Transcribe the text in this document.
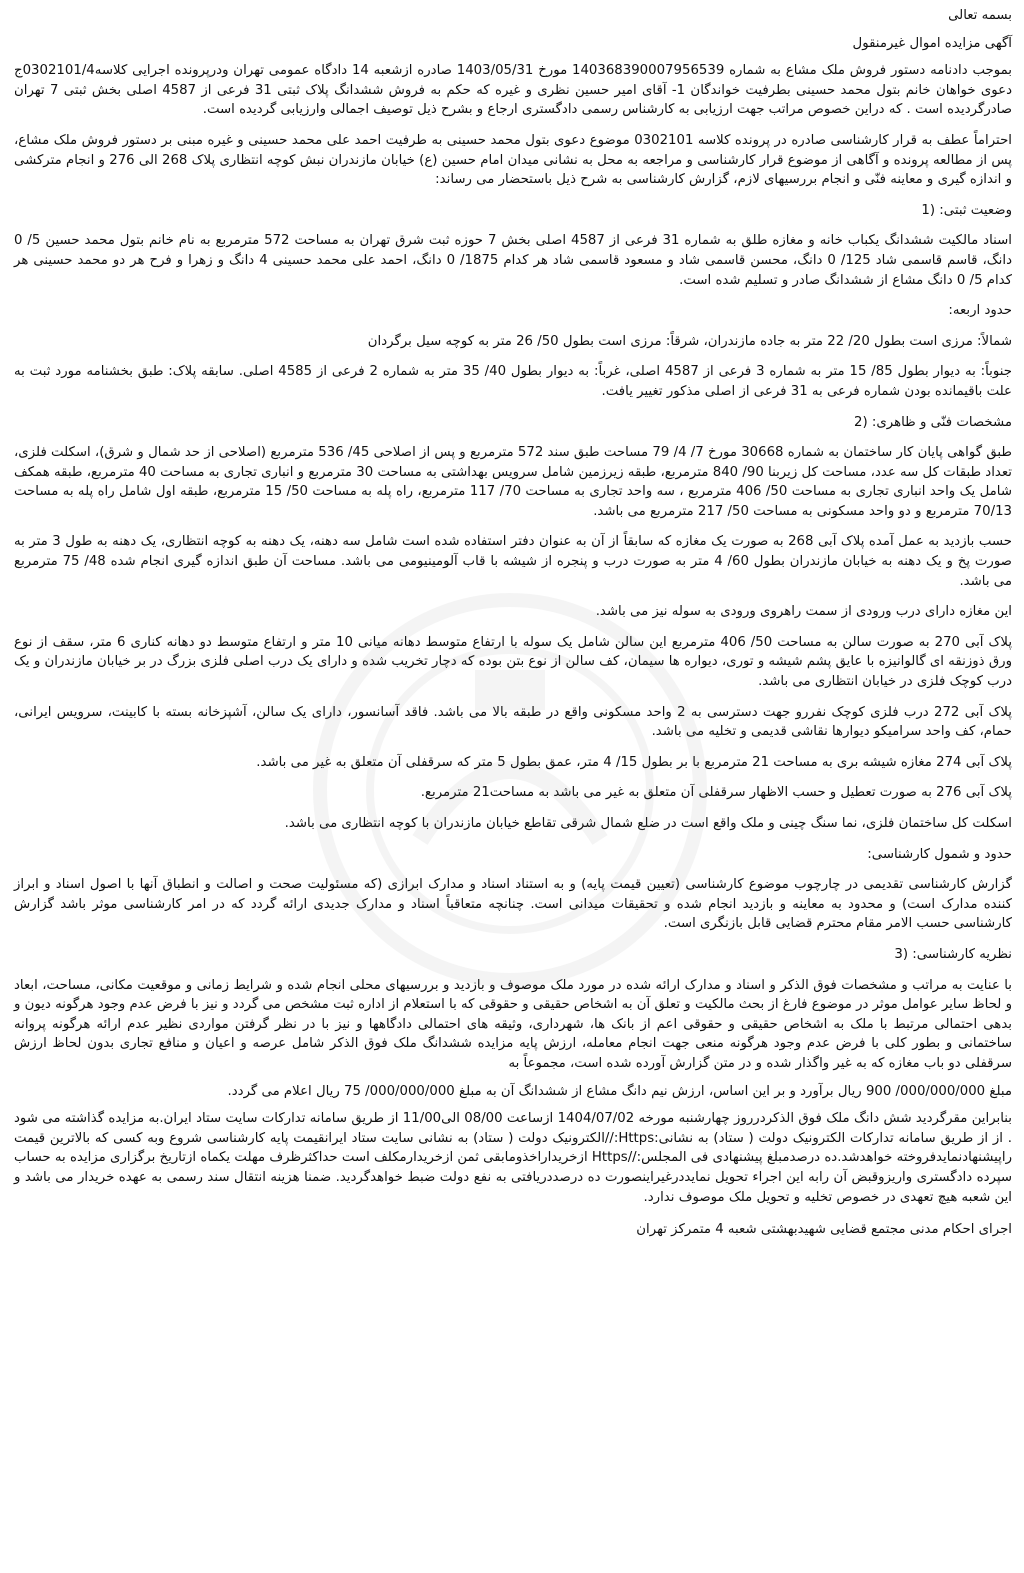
بسمه تعالی

آگهی مزایده اموال غیرمنقول

بموجب دادنامه دستور فروش ملک مشاع به شماره 140368390007956539 مورخ 1403/05/31 صادره ازشعبه 14 دادگاه عمومی تهران ودرپرونده اجرایی کلاسه0302101/4ج دعوی خواهان خانم بتول محمد حسینی بطرفیت خواندگان 1- آقای امیر حسین نظری و غیره که حکم به فروش ششدانگ پلاک ثبتی 31 فرعی از 4587 اصلی بخش ثبتی 7 تهران صادرگردیده است . که دراین خصوص مراتب جهت ارزیابی به کارشناس رسمی دادگستری ارجاع و بشرح ذیل توصیف اجمالی وارزیابی گردیده است.

احتراماً عطف به قرار کارشناسی صادره در پرونده کلاسه 0302101 موضوع دعوی بتول محمد حسینی به طرفیت احمد علی محمد حسینی و غیره مبنی بر دستور فروش ملک مشاع، پس از مطالعه پرونده و آگاهی از موضوع قرار کارشناسی و مراجعه به محل به نشانی میدان امام حسین (ع) خیابان مازندران نبش کوچه انتظاری پلاک 268 الی 276 و انجام مترکشی و اندازه گیری و معاینه فنّی و انجام بررسیهای لازم، گزارش کارشناسی به شرح ذیل باستحضار می رساند:

وضعیت ثبتی: (1

اسناد مالکیت ششدانگ یکباب خانه و مغازه طلق به شماره 31 فرعی از 4587 اصلی بخش 7 حوزه ثبت شرق تهران به مساحت 572 مترمربع به نام خانم بتول محمد حسین 5/ 0 دانگ، قاسم قاسمی شاد 125/ 0 دانگ، محسن قاسمی شاد و مسعود قاسمی شاد هر کدام 1875/ 0 دانگ، احمد علی محمد حسینی 4 دانگ و زهرا و فرح هر دو محمد حسینی هر کدام 5/ 0 دانگ مشاع از ششدانگ صادر و تسلیم شده است.

حدود اربعه:

شمالاً: مرزی است بطول 20/ 22 متر به جاده مازندران، شرقاً: مرزی است بطول 50/ 26 متر به کوچه سیل برگردان

جنوباً: به دیوار بطول 85/ 15 متر به شماره 3 فرعی از 4587 اصلی، غرباً: به دیوار بطول 40/ 35 متر به شماره 2 فرعی از 4585 اصلی. سابقه پلاک: طبق بخشنامه مورد ثبت به علت باقیمانده بودن شماره فرعی به 31 فرعی از اصلی مذکور تغییر یافت.

مشخصات فنّی و ظاهری: (2

طبق گواهی پایان کار ساختمان به شماره 30668 مورخ 7/ 4/ 79 مساحت طبق سند 572 مترمربع و پس از اصلاحی 45/ 536 مترمربع (اصلاحی از حد شمال و شرق)، اسکلت فلزی، تعداد طبقات کل سه عدد، مساحت کل زیربنا 90/ 840 مترمربع، طبقه زیرزمین شامل سرویس بهداشتی به مساحت 30 مترمربع و انباری تجاری به مساحت 40 مترمربع، طبقه همکف شامل یک واحد انباری تجاری به مساحت 50/ 406 مترمربع ، سه واحد تجاری به مساحت 70/ 117 مترمربع، راه پله به مساحت 50/ 15 مترمربع، طبقه اول شامل راه پله به مساحت 70/13 مترمربع و دو واحد مسکونی به مساحت 50/ 217 مترمربع می باشد.

حسب بازدید به عمل آمده پلاک آبی 268 به صورت یک مغازه که سابقاً از آن به عنوان دفتر استفاده شده است شامل سه دهنه، یک دهنه به کوچه انتظاری، یک دهنه به طول 3 متر به صورت پخ و یک دهنه به خیابان مازندران بطول 60/ 4 متر به صورت درب و پنجره از شیشه با قاب آلومینیومی می باشد. مساحت آن طبق اندازه گیری انجام شده 48/ 75 مترمربع می باشد.

این مغازه دارای درب ورودی از سمت راهروی ورودی به سوله نیز می باشد.

پلاک آبی 270 به صورت سالن به مساحت 50/ 406 مترمربع این سالن شامل یک سوله با ارتفاع متوسط دهانه میانی 10 متر و ارتفاع متوسط دو دهانه کناری 6 متر، سقف از نوع ورق ذوزنقه ای گالوانیزه با عایق پشم شیشه و توری، دیواره ها سیمان، کف سالن از نوع بتن بوده که دچار تخریب شده و دارای یک درب اصلی فلزی بزرگ در بر خیابان مازندران و یک درب کوچک فلزی در خیابان انتظاری می باشد.

پلاک آبی 272 درب فلزی کوچک نفررو جهت دسترسی به 2 واحد مسکونی واقع در طبقه بالا می باشد. فاقد آسانسور، دارای یک سالن، آشپزخانه بسته با کابینت، سرویس ایرانی، حمام، کف واحد سرامیکو دیوارها نقاشی قدیمی و تخلیه می باشد.

پلاک آبی 274 مغازه شیشه بری به مساحت 21 مترمربع با بر بطول 15/ 4 متر، عمق بطول 5 متر که سرقفلی آن متعلق به غیر می باشد.

پلاک آبی 276 به صورت تعطیل و حسب الاظهار سرقفلی آن متعلق به غیر می باشد به مساحت21 مترمربع.

اسکلت کل ساختمان فلزی، نما سنگ چینی و ملک واقع است در ضلع شمال شرقی تقاطع خیابان مازندران با کوچه انتظاری می باشد.

حدود و شمول کارشناسی:

گزارش کارشناسی تقدیمی در چارچوب موضوع کارشناسی (تعیین قیمت پایه) و به استناد اسناد و مدارک ابرازی (که مسئولیت صحت و اصالت و انطباق آنها با اصول اسناد و ابراز کننده مدارک است) و محدود به معاینه و بازدید انجام شده و تحقیقات میدانی است. چنانچه متعاقباً اسناد و مدارک جدیدی ارائه گردد که در امر کارشناسی موثر باشد گزارش کارشناسی حسب الامر مقام محترم قضایی قابل بازنگری است.

نظریه کارشناسی: (3

با عنایت به مراتب و مشخصات فوق الذکر و اسناد و مدارک ارائه شده در مورد ملک موصوف و بازدید و بررسیهای محلی انجام شده و شرایط زمانی و موقعیت مکانی، مساحت، ابعاد و لحاظ سایر عوامل موثر در موضوع فارغ از بحث مالکیت و تعلق آن به اشخاص حقیقی و حقوقی که با استعلام از اداره ثبت مشخص می گردد و نیز با فرض عدم وجود هرگونه دیون و بدهی احتمالی مرتبط با ملک به اشخاص حقیقی و حقوقی اعم از بانک ها، شهرداری، وثیقه های احتمالی دادگاهها و نیز با در نظر گرفتن مواردی نظیر عدم ارائه هرگونه پروانه ساختمانی و بطور کلی با فرض عدم وجود هرگونه منعی جهت انجام معامله، ارزش پایه مزایده ششدانگ ملک فوق الذکر شامل عرصه و اعیان و منافع تجاری بدون لحاظ ارزش سرقفلی دو باب مغازه که به غیر واگذار شده و در متن گزارش آورده شده است، مجموعاً به

مبلغ 000/000/000/ 900 ریال برآورد و بر این اساس، ارزش نیم دانگ مشاع از ششدانگ آن به مبلغ 000/000/000/ 75 ریال اعلام می گردد.

بنابراین مقرگردید شش دانگ ملک فوق الذکردرروز چهارشنبه مورخه 1404/07/02 ازساعت 08/00 الی11/00 از طریق سامانه تدارکات سایت ستاد ایران.به مزایده گذاشته می شود . از از طریق سامانه تدارکات الکترونیک دولت ( ستاد) به نشانی:Https://الکترونیک دولت ( ستاد) به نشانی سایت ستاد ایرانقیمت پایه کارشناسی شروع وبه کسی که بالاترین قیمت راپیشنهادنمایدفروخته خواهدشد.ده درصدمبلغ پیشنهادی فی المجلس://Https ازخریداراخذومابقی ثمن ازخریدارمکلف است حداکثرظرف مهلت یکماه ازتاریخ برگزاری مزایده به حساب سپرده دادگستری واریزوقبض آن رابه این اجراء تحویل نمایددرغیراینصورت ده درصددریافتی به نفع دولت ضبط خواهدگردید. ضمنا هزینه انتقال سند رسمی به عهده خریدار می باشد و این شعبه هیچ تعهدی در خصوص تخلیه و تحویل ملک موصوف ندارد.

اجرای احکام مدنی مجتمع قضایی شهیدبهشتی شعبه 4 متمرکز تهران
